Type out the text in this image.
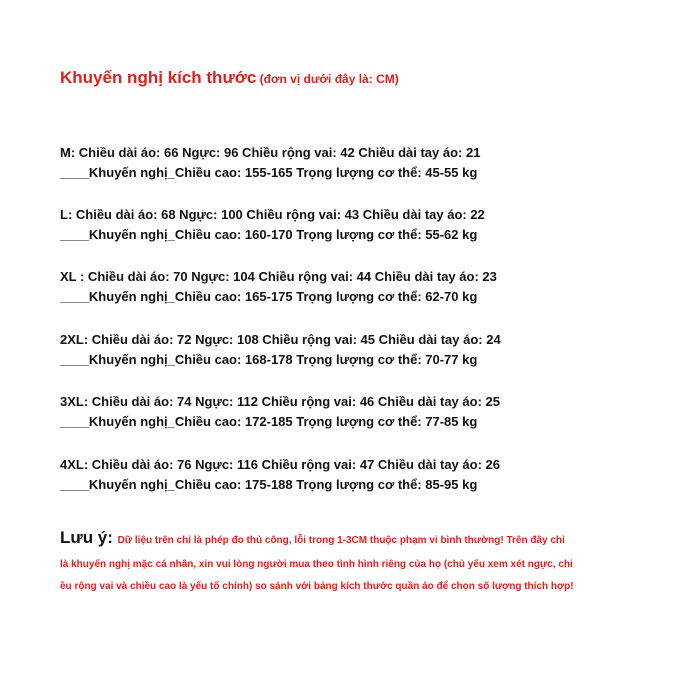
Khuyến nghị kích thước (đơn vị dưới đây là: CM)
M: Chiều dài áo: 66 Ngực: 96 Chiều rộng vai: 42 Chiều dài tay áo: 21
____Khuyến nghị_Chiều cao: 155-165 Trọng lượng cơ thể: 45-55 kg
L: Chiều dài áo: 68 Ngực: 100 Chiều rộng vai: 43 Chiều dài tay áo: 22
____Khuyến nghị_Chiều cao: 160-170 Trọng lượng cơ thể: 55-62 kg
XL : Chiều dài áo: 70 Ngực: 104 Chiều rộng vai: 44 Chiều dài tay áo: 23
____Khuyến nghị_Chiều cao: 165-175 Trọng lượng cơ thể: 62-70 kg
2XL: Chiều dài áo: 72 Ngực: 108 Chiều rộng vai: 45 Chiều dài tay áo: 24
____Khuyến nghị_Chiều cao: 168-178 Trọng lượng cơ thể: 70-77 kg
3XL: Chiều dài áo: 74 Ngực: 112 Chiều rộng vai: 46 Chiều dài tay áo: 25
____Khuyến nghị_Chiều cao: 172-185 Trọng lượng cơ thể: 77-85 kg
4XL: Chiều dài áo: 76 Ngực: 116 Chiều rộng vai: 47 Chiều dài tay áo: 26
____Khuyến nghị_Chiều cao: 175-188 Trọng lượng cơ thể: 85-95 kg
Lưu ý: Dữ liệu trên chỉ là phép đo thủ công, lỗi trong 1-3CM thuộc phạm vi bình thường! Trên đây chỉ
là khuyến nghị mặc cá nhân, xin vui lòng người mua theo tình hình riêng của họ (chủ yếu xem xét ngực, chi
ều rộng vai và chiều cao là yếu tố chính) so sánh với bảng kích thước quần áo để chọn số lượng thích hợp!
